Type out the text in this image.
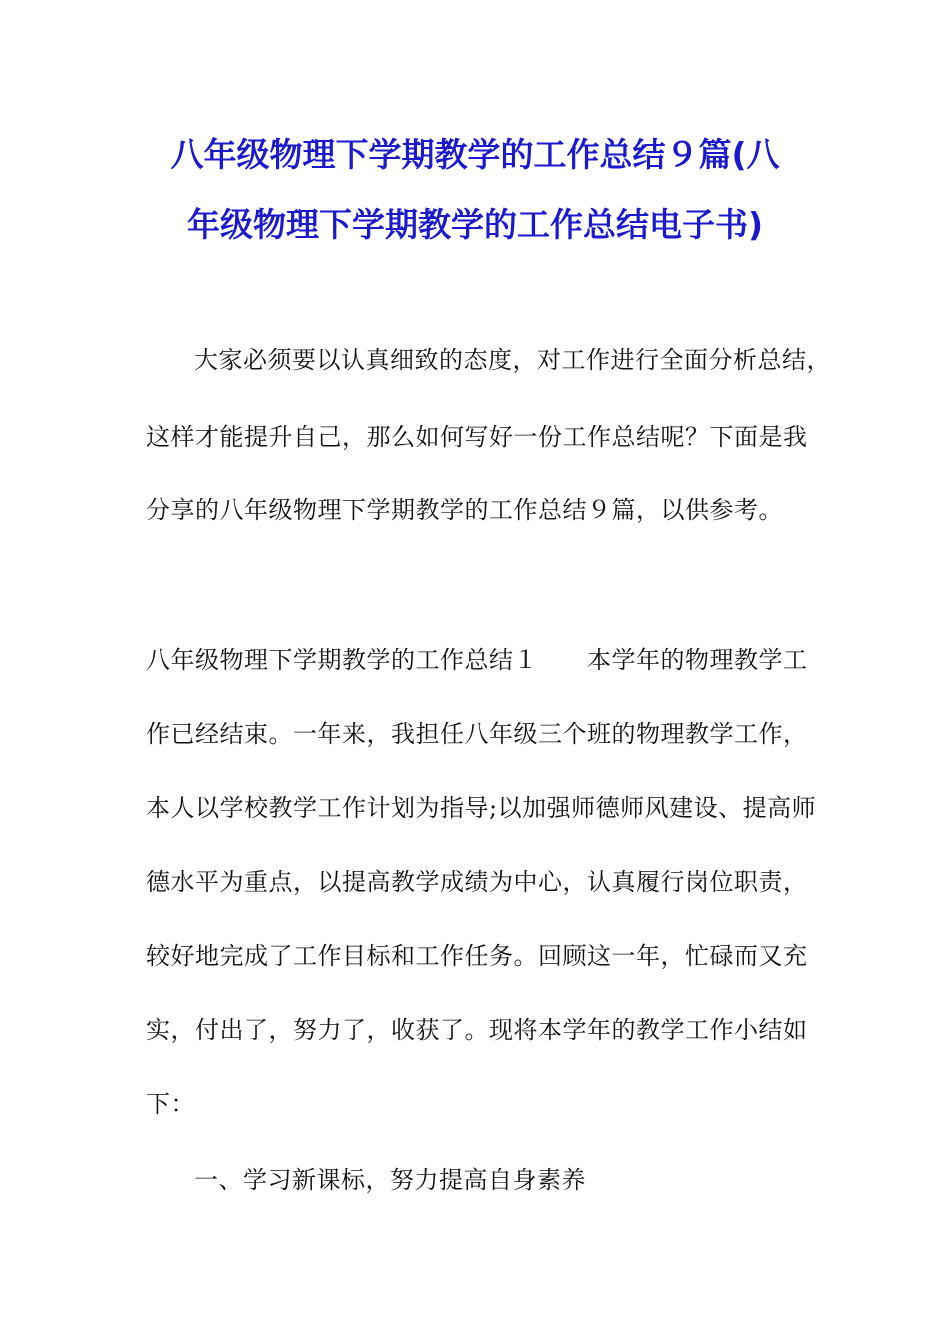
八年级物理下学期教学的工作总结９篇(八
年级物理下学期教学的工作总结电子书)
大家必须要以认真细致的态度，对工作进行全面分析总结，
这样才能提升自己，那么如何写好一份工作总结呢？下面是我
分享的八年级物理下学期教学的工作总结９篇，以供参考。
八年级物理下学期教学的工作总结１　　本学年的物理教学工
作已经结束。一年来，我担任八年级三个班的物理教学工作，
本人以学校教学工作计划为指导;以加强师德师风建设、提高师
德水平为重点，以提高教学成绩为中心，认真履行岗位职责，
较好地完成了工作目标和工作任务。回顾这一年，忙碌而又充
实，付出了，努力了，收获了。现将本学年的教学工作小结如
下：
一、学习新课标，努力提高自身素养
